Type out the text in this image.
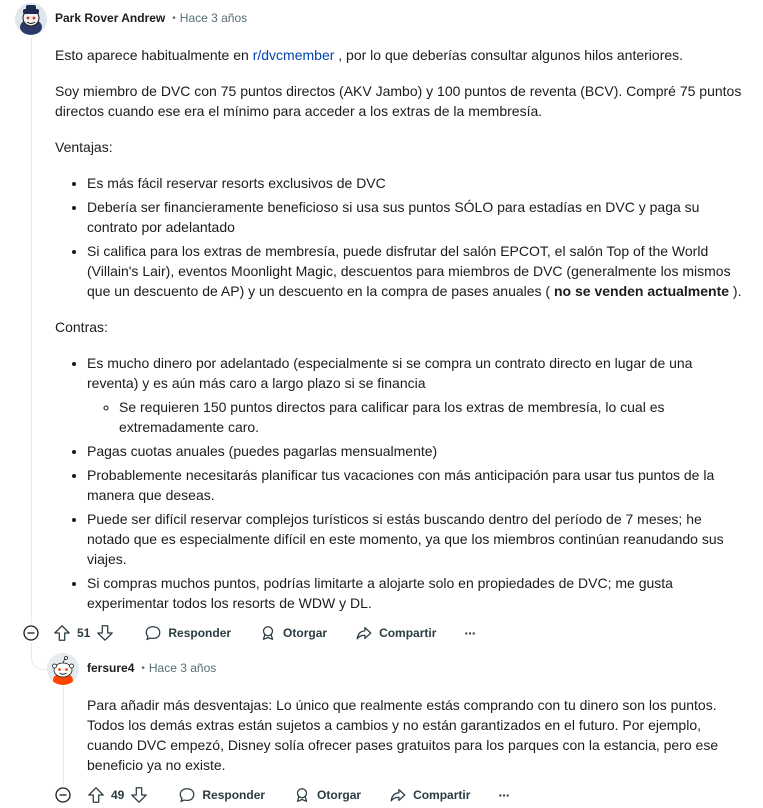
Park Rover Andrew • Hace 3 años

Esto aparece habitualmente en r/dvcmember , por lo que deberías consultar algunos hilos anteriores.

Soy miembro de DVC con 75 puntos directos (AKV Jambo) y 100 puntos de reventa (BCV). Compré 75 puntos directos cuando ese era el mínimo para acceder a los extras de la membresía.

Ventajas:

• Es más fácil reservar resorts exclusivos de DVC
• Debería ser financieramente beneficioso si usa sus puntos SÓLO para estadías en DVC y paga su contrato por adelantado
• Si califica para los extras de membresía, puede disfrutar del salón EPCOT, el salón Top of the World (Villain's Lair), eventos Moonlight Magic, descuentos para miembros de DVC (generalmente los mismos que un descuento de AP) y un descuento en la compra de pases anuales ( no se venden actualmente ).

Contras:

• Es mucho dinero por adelantado (especialmente si se compra un contrato directo en lugar de una reventa) y es aún más caro a largo plazo si se financia
◦ Se requieren 150 puntos directos para calificar para los extras de membresía, lo cual es extremadamente caro.
• Pagas cuotas anuales (puedes pagarlas mensualmente)
• Probablemente necesitarás planificar tus vacaciones con más anticipación para usar tus puntos de la manera que deseas.
• Puede ser difícil reservar complejos turísticos si estás buscando dentro del período de 7 meses; he notado que es especialmente difícil en este momento, ya que los miembros continúan reanudando sus viajes.
• Si compras muchos puntos, podrías limitarte a alojarte solo en propiedades de DVC; me gusta experimentar todos los resorts de WDW y DL.
51	Responder	Otorgar	Compartir ···
fersure4 • Hace 3 años

Para añadir más desventajas: Lo único que realmente estás comprando con tu dinero son los puntos. Todos los demás extras están sujetos a cambios y no están garantizados en el futuro. Por ejemplo, cuando DVC empezó, Disney solía ofrecer pases gratuitos para los parques con la estancia, pero ese beneficio ya no existe.

49	Responder	Otorgar	Compartir ···
